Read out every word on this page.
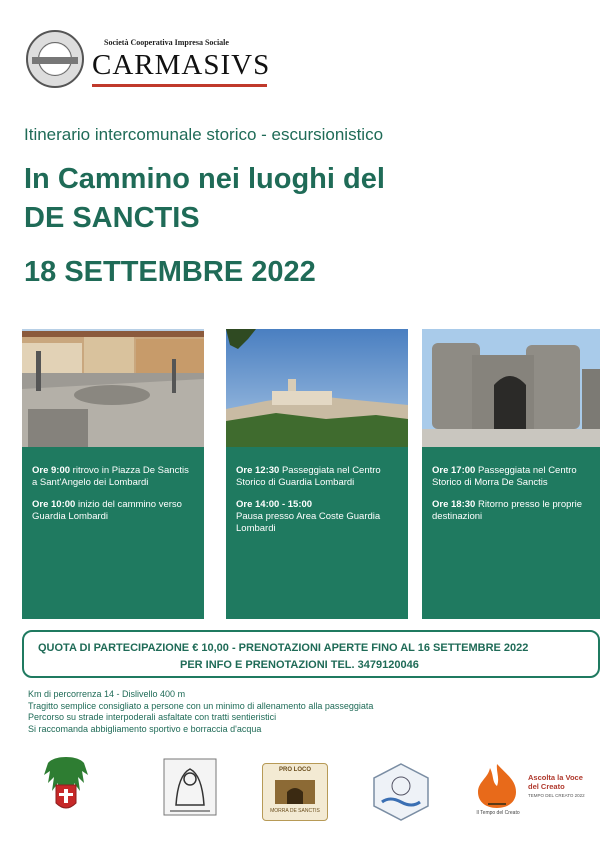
Società Cooperativa Impresa Sociale
CARMASIVS
Itinerario intercomunale storico - escursionistico
In Cammino nei luoghi del
DE SANCTIS
18 SETTEMBRE 2022

Ore 9:00 ritrovo in Piazza De Sanctis a Sant'Angelo dei Lombardi

Ore 10:00 inizio del cammino verso Guardia Lombardi

Ore 12:30 Passeggiata nel Centro Storico di Guardia Lombardi

Ore 14:00 - 15:00
Pausa presso Area Coste Guardia Lombardi

Ore 17:00 Passeggiata nel Centro Storico di Morra De Sanctis

Ore 18:30 Ritorno presso le proprie destinazioni

QUOTA DI PARTECIPAZIONE € 10,00 - PRENOTAZIONI APERTE FINO AL 16 SETTEMBRE 2022
PER INFO E PRENOTAZIONI TEL. 3479120046
Km di percorrenza 14 - Dislivello 400 m
Tragitto semplice consigliato a persone con un minimo di allenamento alla passeggiata
Percorso su strade interpoderali asfaltate con tratti sentieristici
Si raccomanda abbigliamento sportivo e borraccia d'acqua

PRO LOCO
MORRA DE SANCTIS	Il Tempo del Creato
Ascolta la Voce del Creato
TEMPO DEL CREATO 2022
